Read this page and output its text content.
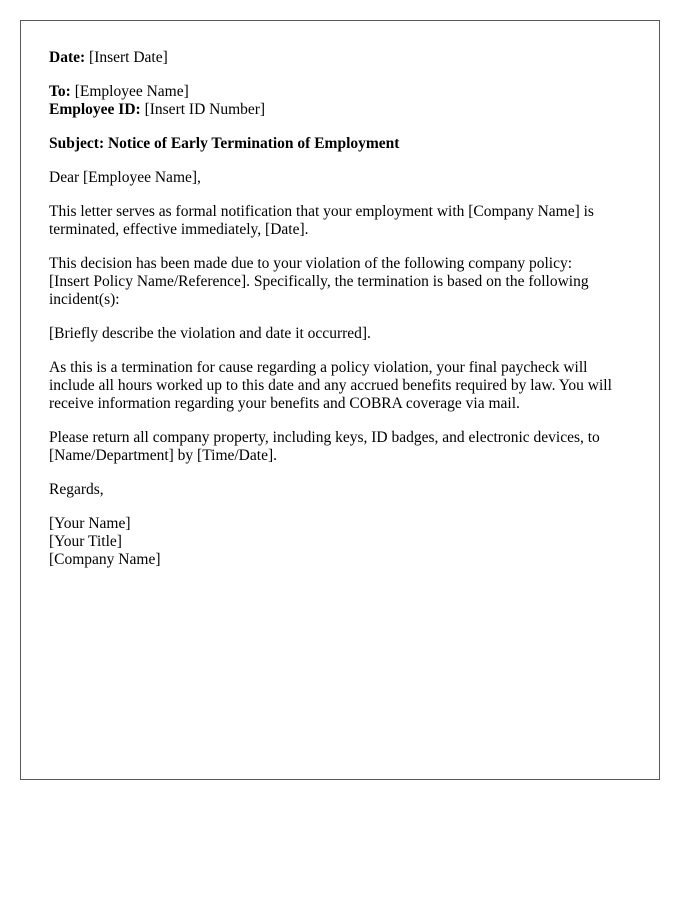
Date: [Insert Date]

To: [Employee Name]
Employee ID: [Insert ID Number]

Subject: Notice of Early Termination of Employment

Dear [Employee Name],

This letter serves as formal notification that your employment with [Company Name] is
terminated, effective immediately, [Date].

This decision has been made due to your violation of the following company policy:
[Insert Policy Name/Reference]. Specifically, the termination is based on the following
incident(s):

[Briefly describe the violation and date it occurred].

As this is a termination for cause regarding a policy violation, your final paycheck will
include all hours worked up to this date and any accrued benefits required by law. You will
receive information regarding your benefits and COBRA coverage via mail.

Please return all company property, including keys, ID badges, and electronic devices, to
[Name/Department] by [Time/Date].

Regards,

[Your Name]
[Your Title]
[Company Name]
